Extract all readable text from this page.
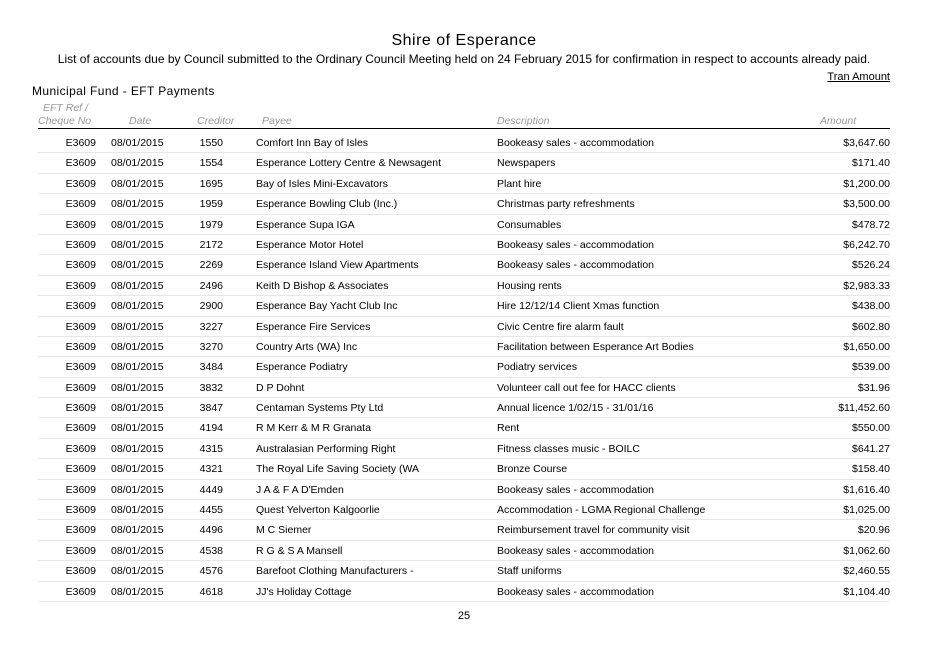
Shire of Esperance
List of accounts due by Council submitted to the Ordinary Council Meeting held on 24 February 2015 for confirmation in respect to accounts already paid.
Tran Amount
Municipal Fund - EFT Payments
EFT Ref /
Cheque No	Date	Creditor	Payee	Description	Amount
E3609 08/01/2015	1550	Comfort Inn Bay of Isles	Bookeasy sales - accommodation	$3,647.60
E3609 08/01/2015	1554	Esperance Lottery Centre & Newsagent	Newspapers	$171.40
E3609 08/01/2015	1695	Bay of Isles Mini-Excavators	Plant hire	$1,200.00
E3609 08/01/2015	1959	Esperance Bowling Club (Inc.)	Christmas party refreshments	$3,500.00
E3609 08/01/2015	1979	Esperance Supa IGA	Consumables	$478.72
E3609 08/01/2015	2172	Esperance Motor Hotel	Bookeasy sales - accommodation	$6,242.70
E3609 08/01/2015	2269	Esperance Island View Apartments	Bookeasy sales - accommodation	$526.24
E3609 08/01/2015	2496	Keith D Bishop & Associates	Housing rents	$2,983.33
E3609 08/01/2015	2900	Esperance Bay Yacht Club Inc	Hire 12/12/14 Client Xmas function	$438.00
E3609 08/01/2015	3227	Esperance Fire Services	Civic Centre fire alarm fault	$602.80
E3609 08/01/2015	3270	Country Arts (WA) Inc	Facilitation between Esperance Art Bodies	$1,650.00
E3609 08/01/2015	3484	Esperance Podiatry	Podiatry services	$539.00
E3609 08/01/2015	3832	D P Dohnt	Volunteer call out fee for HACC clients	$31.96
E3609 08/01/2015	3847	Centaman Systems Pty Ltd	Annual licence 1/02/15 - 31/01/16	$11,452.60
E3609 08/01/2015	4194	R M Kerr & M R Granata	Rent	$550.00
E3609 08/01/2015	4315	Australasian Performing Right	Fitness classes music - BOILC	$641.27
E3609 08/01/2015	4321	The Royal Life Saving Society (WA	Bronze Course	$158.40
E3609 08/01/2015	4449	J A & F A D'Emden	Bookeasy sales - accommodation	$1,616.40
E3609 08/01/2015	4455	Quest Yelverton Kalgoorlie	Accommodation - LGMA Regional Challenge	$1,025.00
E3609 08/01/2015	4496	M C Siemer	Reimbursement travel for community visit	$20.96
E3609 08/01/2015	4538	R G & S A Mansell	Bookeasy sales - accommodation	$1,062.60
E3609 08/01/2015	4576	Barefoot Clothing Manufacturers -	Staff uniforms	$2,460.55
E3609 08/01/2015	4618	JJ's Holiday Cottage	Bookeasy sales - accommodation	$1,104.40
25
